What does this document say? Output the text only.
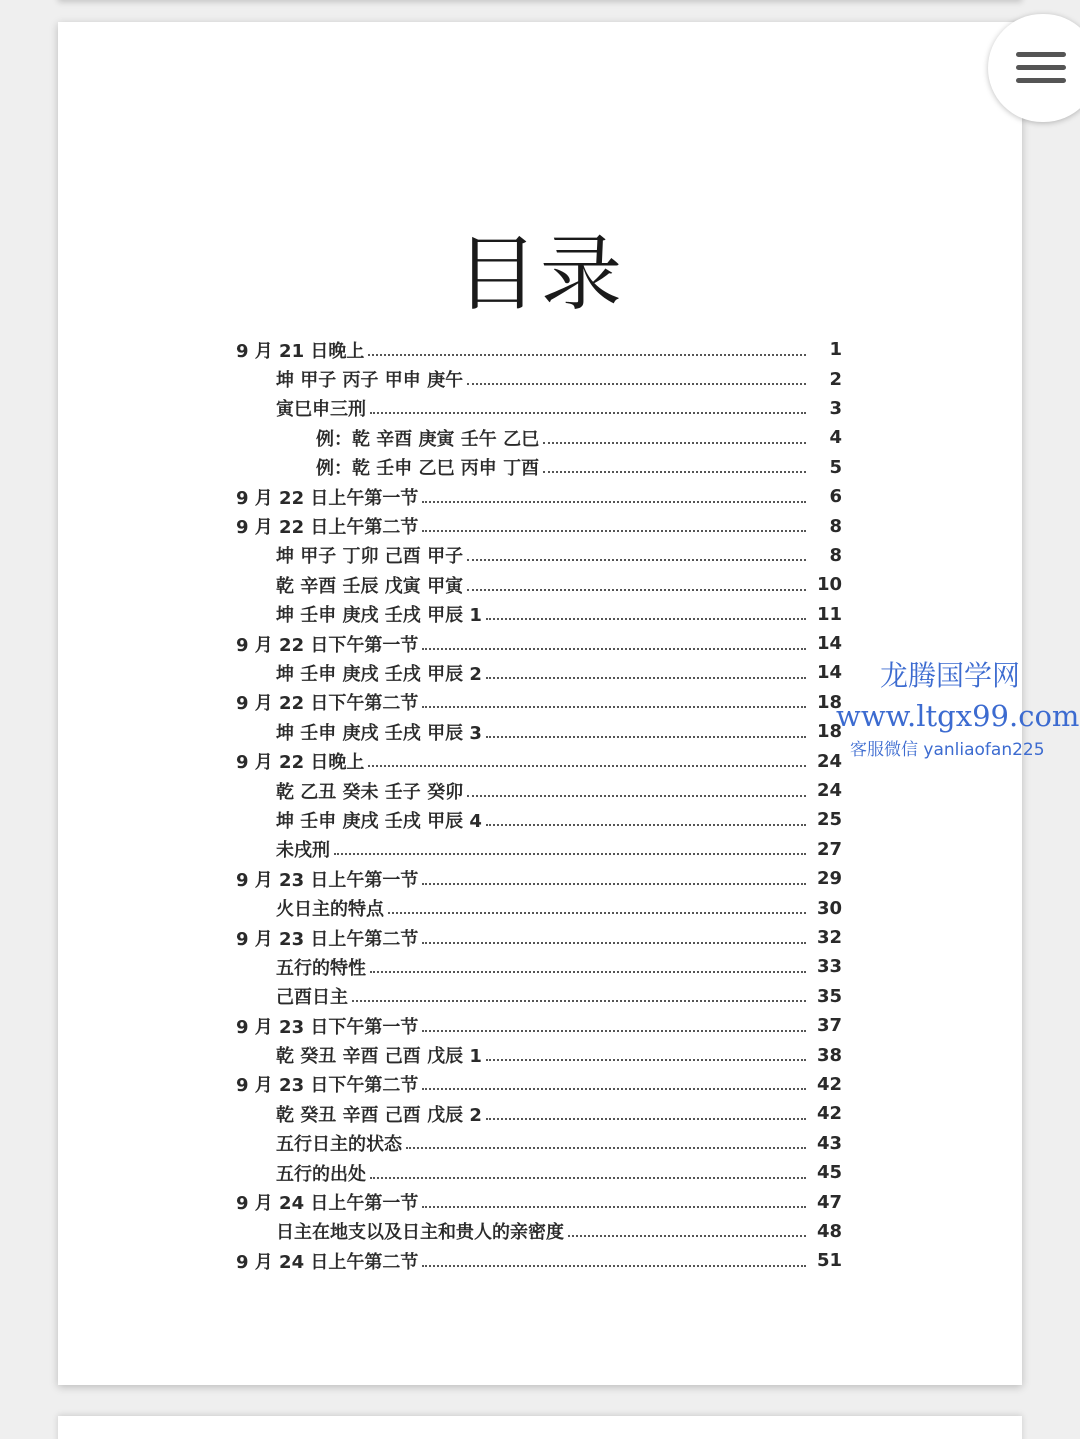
目录
9 月 21 日晚上	1
坤 甲子 丙子 甲申 庚午	2
寅巳申三刑	3
例：乾 辛酉 庚寅 壬午 乙巳	4
例：乾 壬申 乙巳 丙申 丁酉	5
9 月 22 日上午第一节	6
9 月 22 日上午第二节	8
坤 甲子 丁卯 己酉 甲子	8
乾 辛酉 壬辰 戊寅 甲寅	10
坤 壬申 庚戌 壬戌 甲辰 1	11
9 月 22 日下午第一节	14
坤 壬申 庚戌 壬戌 甲辰 2	14
9 月 22 日下午第二节	18
坤 壬申 庚戌 壬戌 甲辰 3	18
9 月 22 日晚上	24
乾 乙丑 癸未 壬子 癸卯	24
坤 壬申 庚戌 壬戌 甲辰 4	25
未戌刑	27
9 月 23 日上午第一节	29
火日主的特点	30
9 月 23 日上午第二节	32
五行的特性	33
己酉日主	35
9 月 23 日下午第一节	37
乾 癸丑 辛酉 己酉 戊辰 1	38
9 月 23 日下午第二节	42
乾 癸丑 辛酉 己酉 戊辰 2	42
五行日主的状态	43
五行的出处	45
9 月 24 日上午第一节	47
日主在地支以及日主和贵人的亲密度	48
9 月 24 日上午第二节	51
龙腾国学网
www.ltgx99.com
客服微信 yanliaofan225
